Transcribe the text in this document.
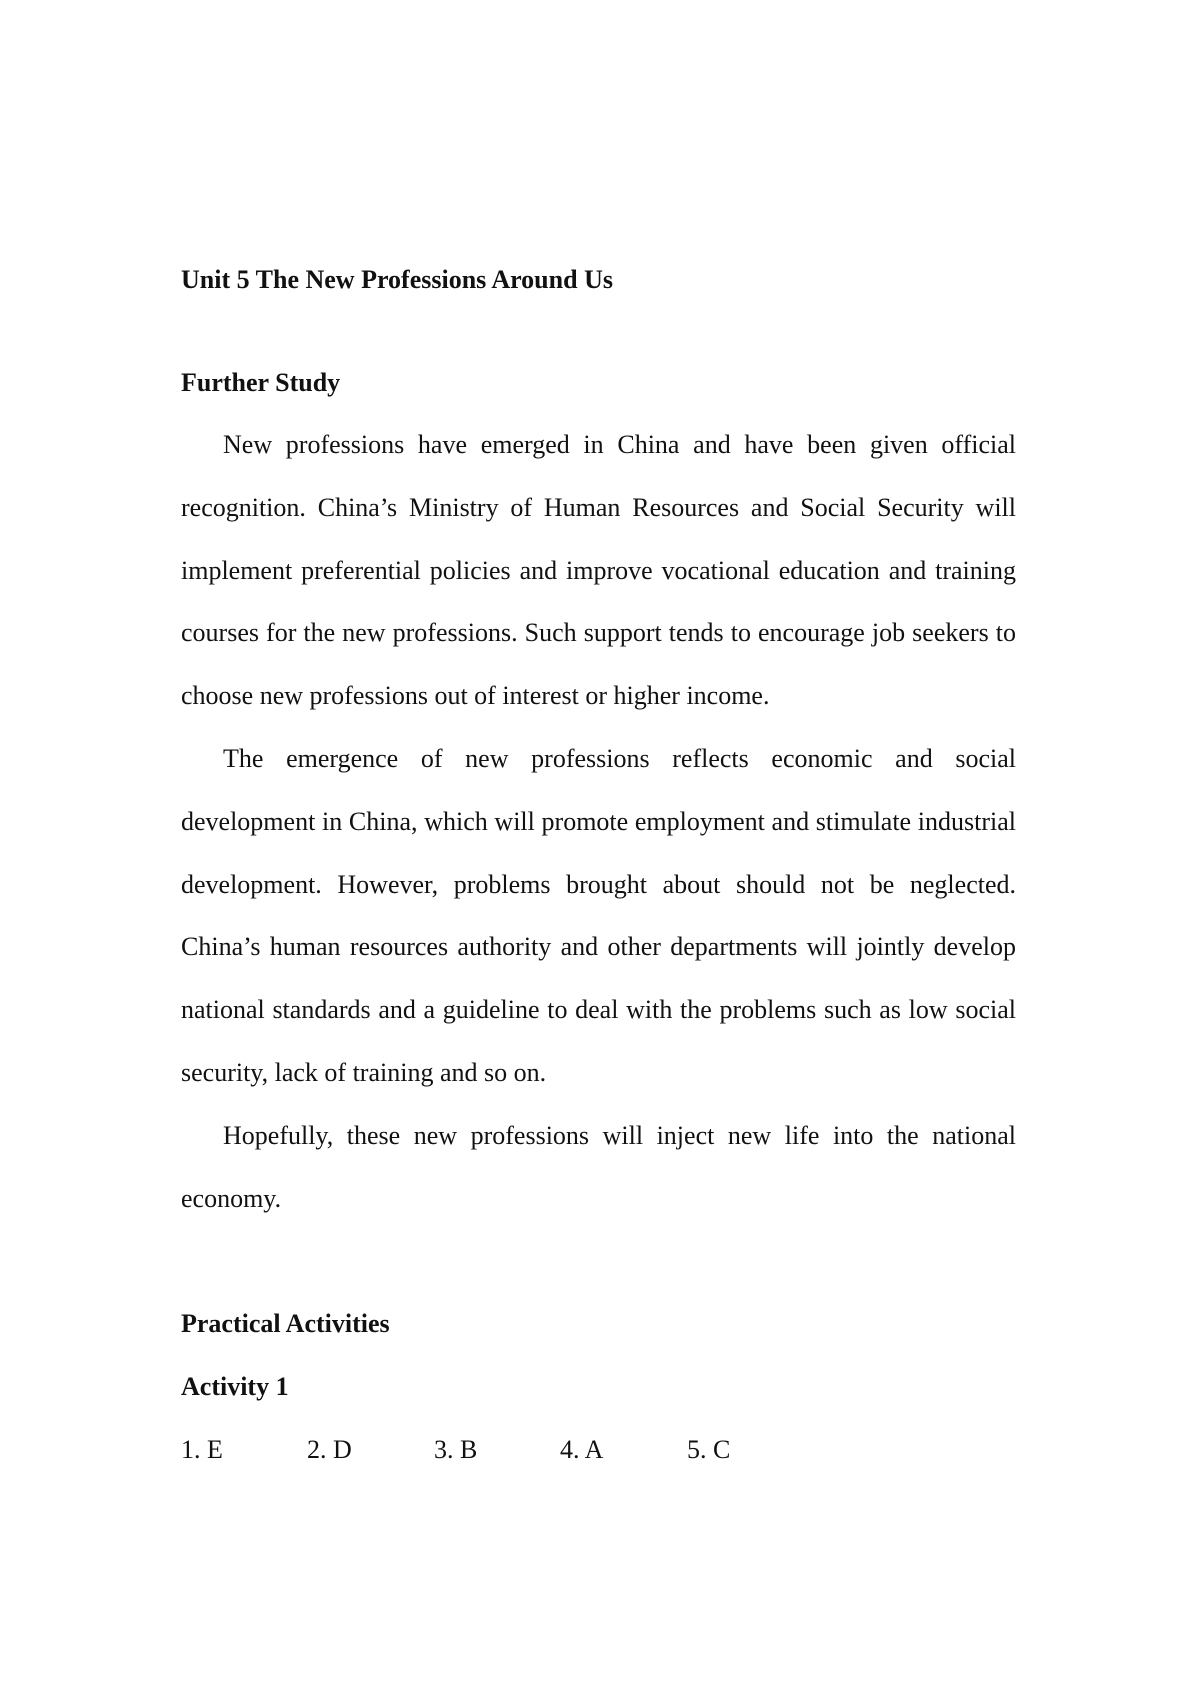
Unit 5 The New Professions Around Us
Further Study

New professions have emerged in China and have been given official recognition. China’s Ministry of Human Resources and Social Security will implement preferential policies and improve vocational education and training courses for the new professions. Such support tends to encourage job seekers to choose new professions out of interest or higher income.

The emergence of new professions reflects economic and social development in China, which will promote employment and stimulate industrial development. However, problems brought about should not be neglected. China’s human resources authority and other departments will jointly develop national standards and a guideline to deal with the problems such as low social security, lack of training and so on.

Hopefully, these new professions will inject new life into the national economy.

Practical Activities
Activity 1
1. E	2. D	3. B	4. A	5. C
